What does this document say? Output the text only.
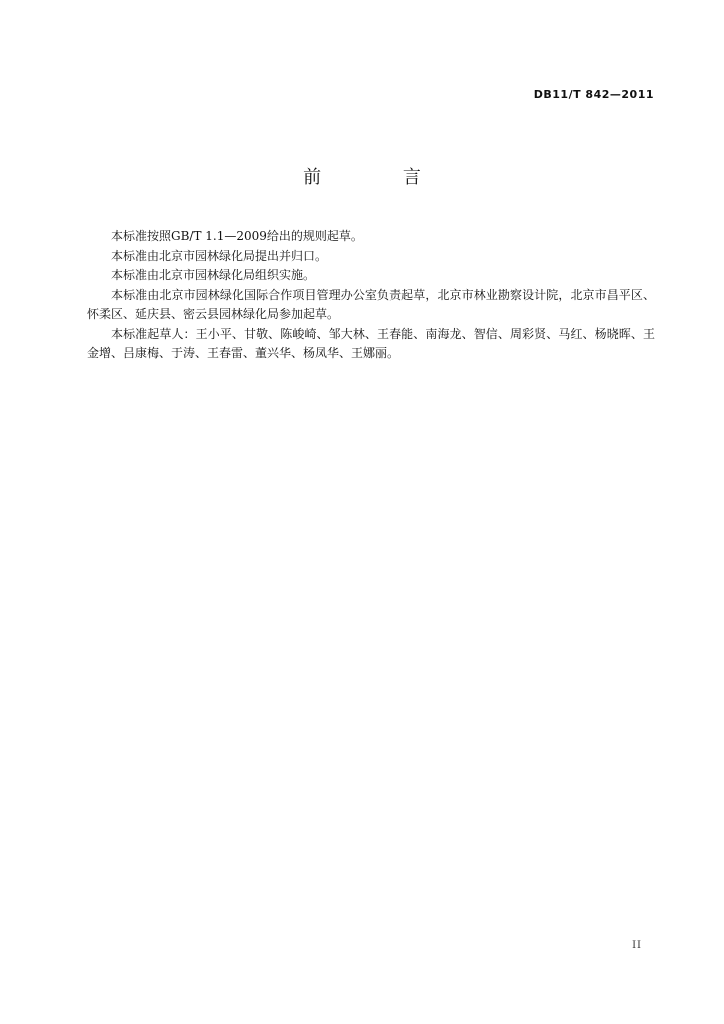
DB11/T 842—2011
前 言

本标准按照GB/T 1.1—2009给出的规则起草。

本标准由北京市园林绿化局提出并归口。

本标准由北京市园林绿化局组织实施。

本标准由北京市园林绿化国际合作项目管理办公室负责起草，北京市林业勘察设计院，北京市昌平区、怀柔区、延庆县、密云县园林绿化局参加起草。

本标准起草人：王小平、甘敬、陈峻崎、邹大林、王春能、南海龙、智信、周彩贤、马红、杨晓晖、王金增、吕康梅、于涛、王春雷、董兴华、杨凤华、王娜丽。

II
